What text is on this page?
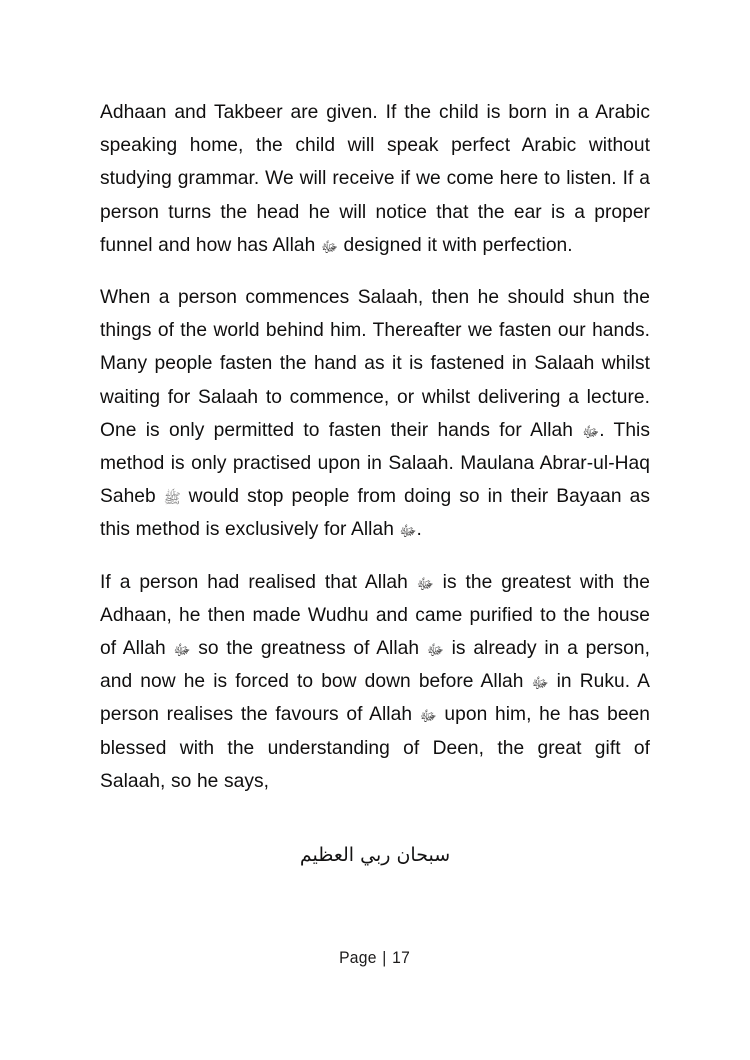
Adhaan and Takbeer are given. If the child is born in a Arabic speaking home, the child will speak perfect Arabic without studying grammar. We will receive if we come here to listen. If a person turns the head he will notice that the ear is a proper funnel and how has Allah ﷻ designed it with perfection.

When a person commences Salaah, then he should shun the things of the world behind him. Thereafter we fasten our hands. Many people fasten the hand as it is fastened in Salaah whilst waiting for Salaah to commence, or whilst delivering a lecture. One is only permitted to fasten their hands for Allah ﷻ. This method is only practised upon in Salaah. Maulana Abrar-ul-Haq Saheb ﷺ would stop people from doing so in their Bayaan as this method is exclusively for Allah ﷻ.

If a person had realised that Allah ﷻ is the greatest with the Adhaan, he then made Wudhu and came purified to the house of Allah ﷻ so the greatness of Allah ﷻ is already in a person, and now he is forced to bow down before Allah ﷻ in Ruku. A person realises the favours of Allah ﷻ upon him, he has been blessed with the understanding of Deen, the great gift of Salaah, so he says,

سبحان ربي العظيم
Page | 17
